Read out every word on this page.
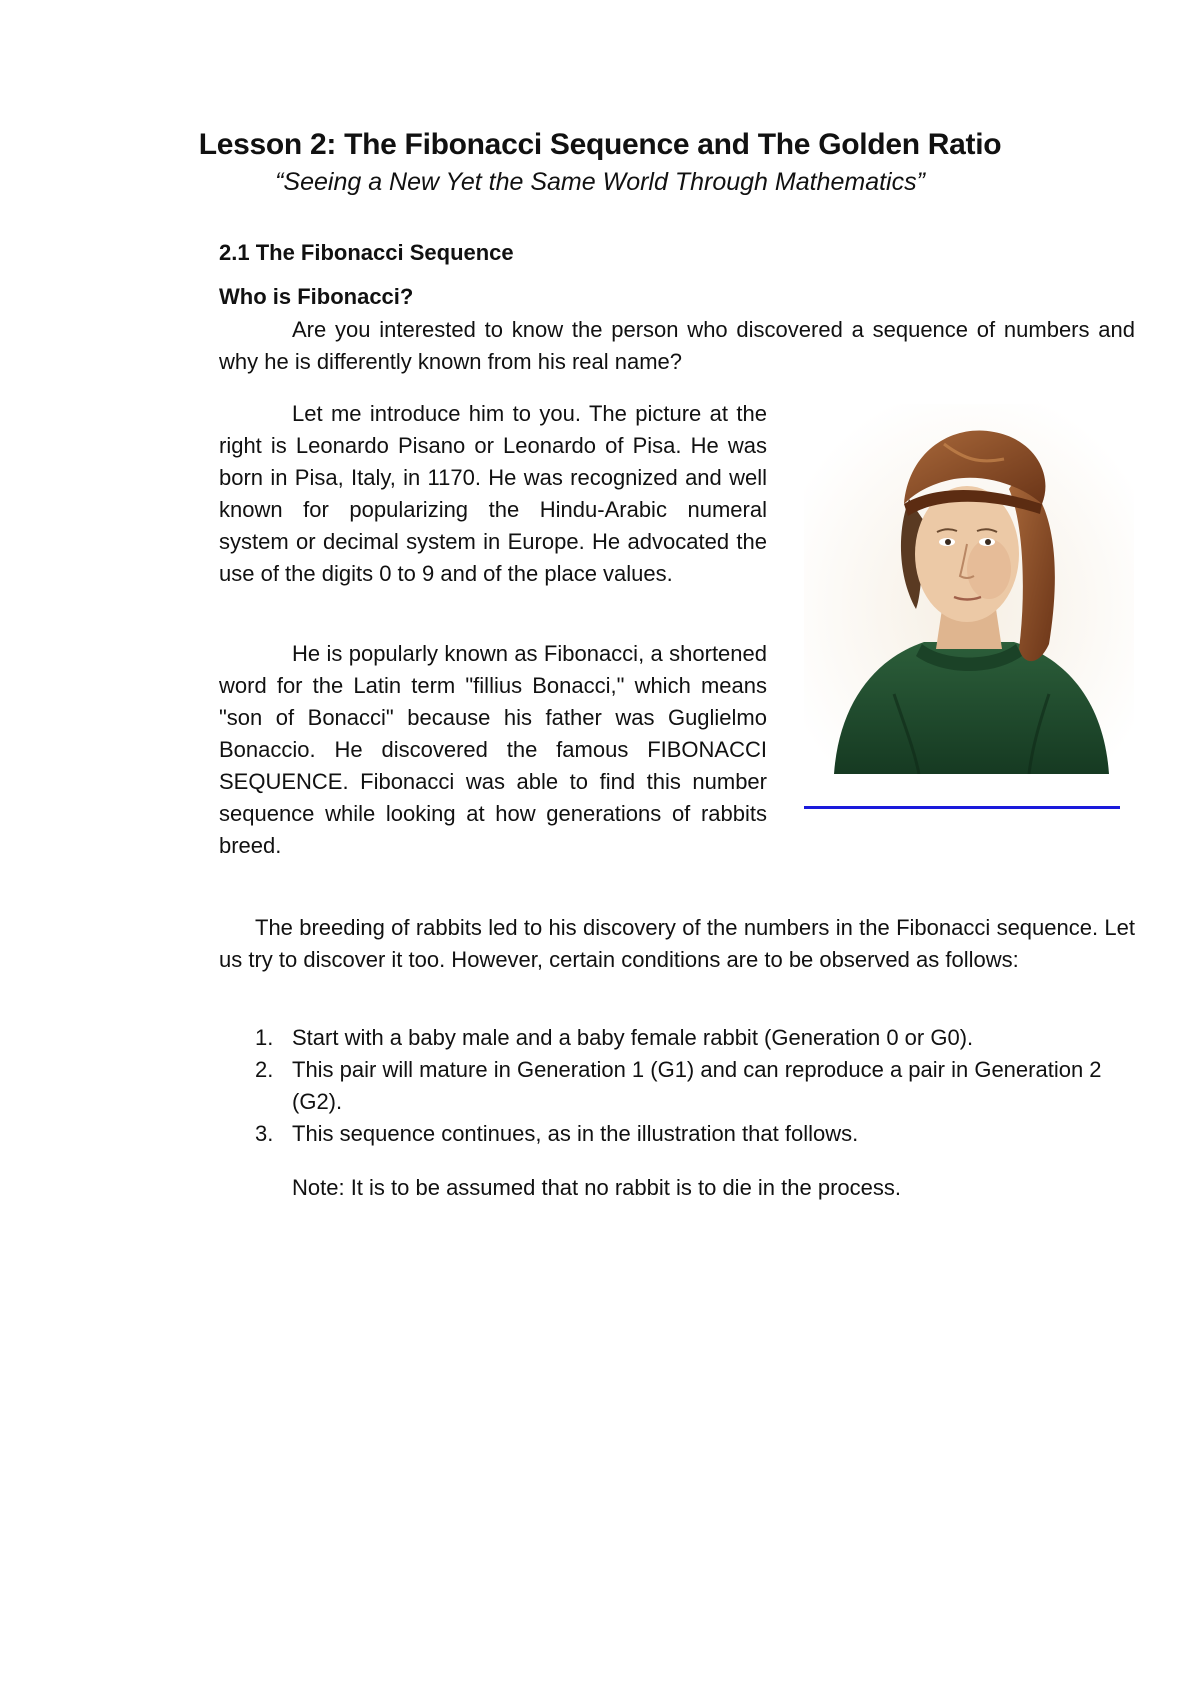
Lesson 2: The Fibonacci Sequence and The Golden Ratio
“Seeing a New Yet the Same World Through Mathematics”
2.1 The Fibonacci Sequence
Who is Fibonacci?

Are you interested to know the person who discovered a sequence of numbers and why he is differently known from his real name?

Let me introduce him to you. The picture at the right is Leonardo Pisano or Leonardo of Pisa. He was born in Pisa, Italy, in 1170. He was recognized and well known for popularizing the Hindu-Arabic numeral system or decimal system in Europe. He advocated the use of the digits 0 to 9 and of the place values.

He is popularly known as Fibonacci, a shortened word for the Latin term "fillius Bonacci," which means "son of Bonacci" because his father was Guglielmo Bonaccio. He discovered the famous FIBONACCI SEQUENCE. Fibonacci was able to find this number sequence while looking at how generations of rabbits breed.

The breeding of rabbits led to his discovery of the numbers in the Fibonacci sequence. Let us try to discover it too. However, certain conditions are to be observed as follows:

1. Start with a baby male and a baby female rabbit (Generation 0 or G0).
2. This pair will mature in Generation 1 (G1) and can reproduce a pair in Generation 2 (G2).
3. This sequence continues, as in the illustration that follows.
Note: It is to be assumed that no rabbit is to die in the process.
